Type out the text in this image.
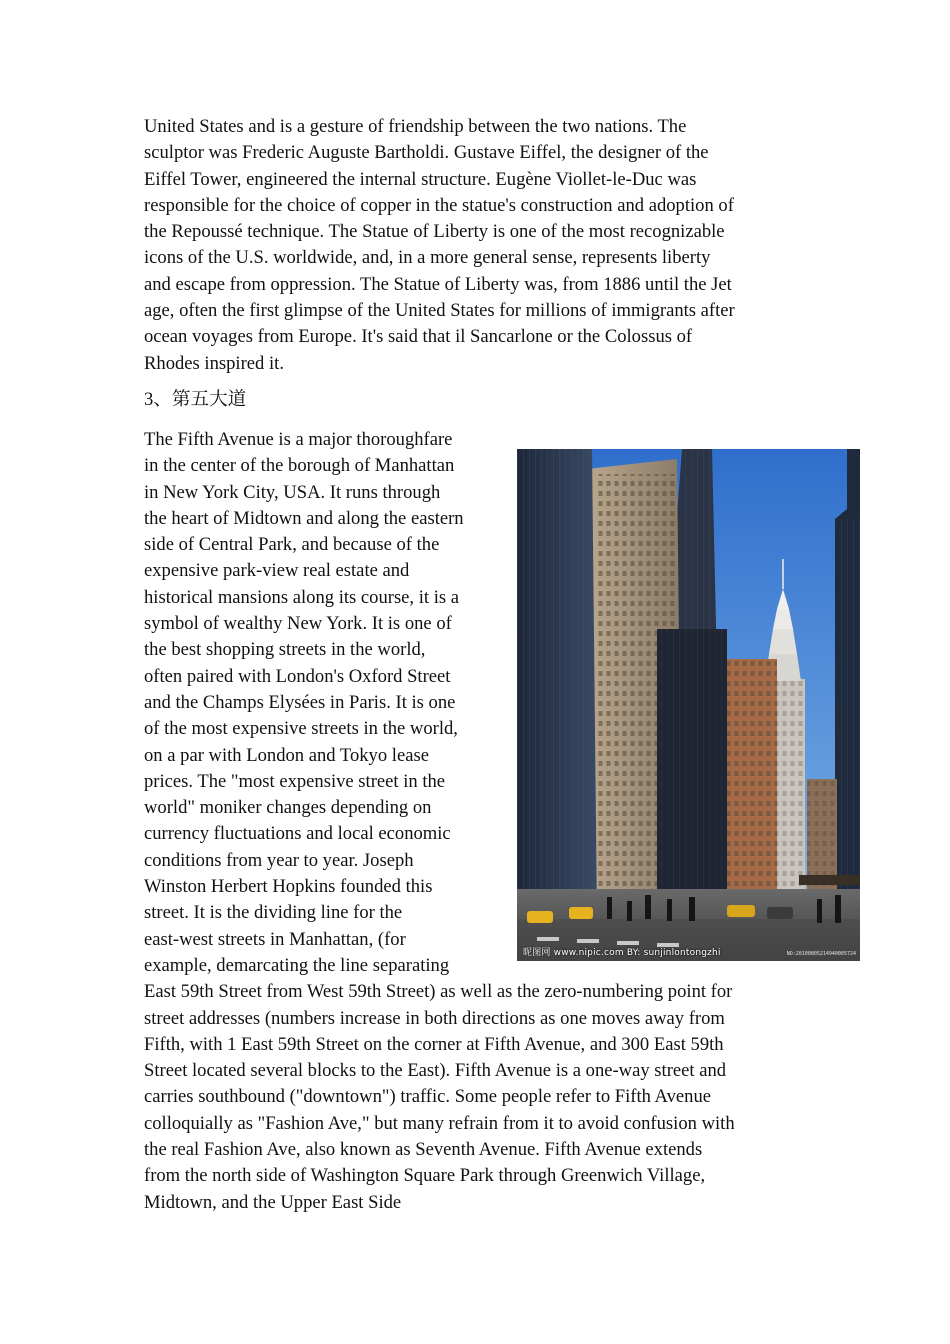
United States and is a gesture of friendship between the two nations. The
sculptor was Frederic Auguste Bartholdi. Gustave Eiffel, the designer of the
Eiffel Tower, engineered the internal structure. Eugène Viollet-le-Duc was
responsible for the choice of copper in the statue's construction and adoption of
the Repoussé technique. The Statue of Liberty is one of the most recognizable
icons of the U.S. worldwide, and, in a more general sense, represents liberty
and escape from oppression. The Statue of Liberty was, from 1886 until the Jet
age, often the first glimpse of the United States for millions of immigrants after
ocean voyages from Europe. It's said that il Sancarlone or the Colossus of
Rhodes inspired it.
3、第五大道
The Fifth Avenue is a major thoroughfare
in the center of the borough of Manhattan
in New York City, USA. It runs through
the heart of Midtown and along the eastern
side of Central Park, and because of the
expensive park-view real estate and
historical mansions along its course, it is a
symbol of wealthy New York. It is one of
the best shopping streets in the world,
often paired with London's Oxford Street
and the Champs Elysées in Paris. It is one
of the most expensive streets in the world,
on a par with London and Tokyo lease
prices. The "most expensive street in the
world" moniker changes depending on
currency fluctuations and local economic
conditions from year to year. Joseph
Winston Herbert Hopkins founded this
street. It is the dividing line for the
east-west streets in Manhattan, (for
example, demarcating the line separating
East 59th Street from West 59th Street) as well as the zero-numbering point for
street addresses (numbers increase in both directions as one moves away from
Fifth, with 1 East 59th Street on the corner at Fifth Avenue, and 300 East 59th
Street located several blocks to the East). Fifth Avenue is a one-way street and
carries southbound ("downtown") traffic. Some people refer to Fifth Avenue
colloquially as "Fashion Ave," but many refrain from it to avoid confusion with
the real Fashion Ave, also known as Seventh Avenue. Fifth Avenue extends
from the north side of Washington Square Park through Greenwich Village,
Midtown, and the Upper East Side
昵图网 www.nipic.com BY: sunjinlontongzhi	NO:20100805214940005724
